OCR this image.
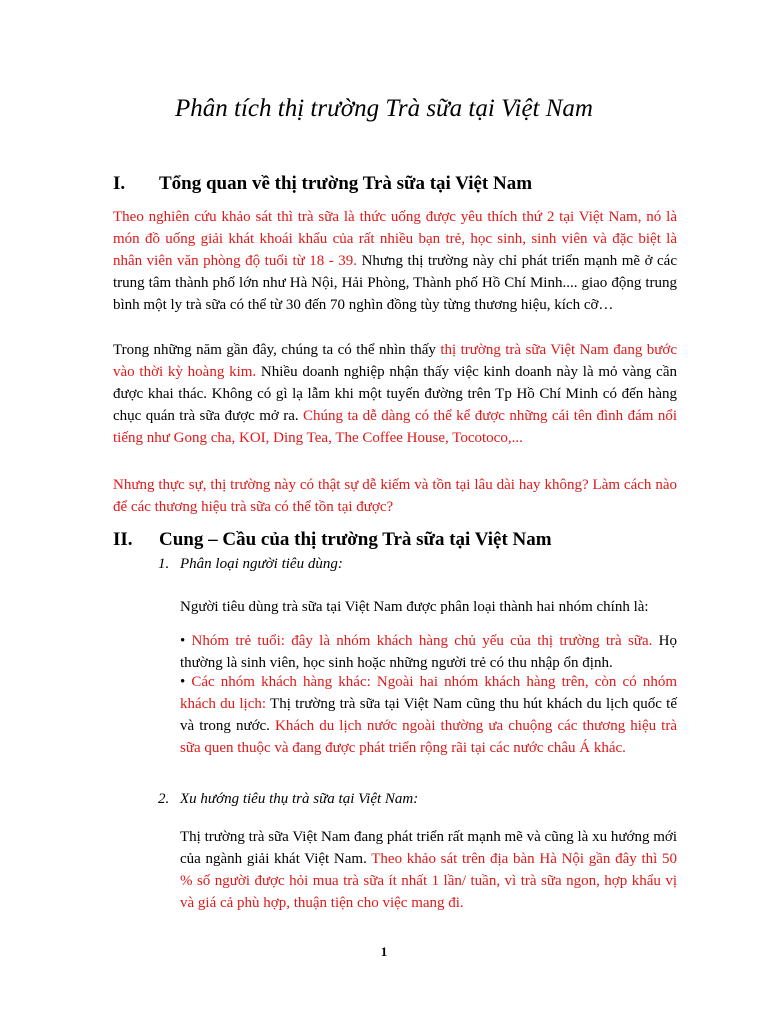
Phân tích thị trường Trà sữa tại Việt Nam
I. Tổng quan về thị trường Trà sữa tại Việt Nam

Theo nghiên cứu khảo sát thì trà sữa là thức uống được yêu thích thứ 2 tại Việt Nam, nó là món đồ uống giải khát khoái khẩu của rất nhiều bạn trẻ, học sinh, sinh viên và đặc biệt là nhân viên văn phòng độ tuổi từ 18 - 39. Nhưng thị trường này chỉ phát triển mạnh mẽ ở các trung tâm thành phố lớn như Hà Nội, Hải Phòng, Thành phố Hồ Chí Minh.... giao động trung bình một ly trà sữa có thể từ 30 đến 70 nghìn đồng tùy từng thương hiệu, kích cỡ…

Trong những năm gần đây, chúng ta có thể nhìn thấy thị trường trà sữa Việt Nam đang bước vào thời kỳ hoàng kim. Nhiều doanh nghiệp nhận thấy việc kinh doanh này là mỏ vàng cần được khai thác. Không có gì lạ lẫm khi một tuyến đường trên Tp Hồ Chí Minh có đến hàng chục quán trà sữa được mở ra. Chúng ta dễ dàng có thể kể được những cái tên đình đám nổi tiếng như Gong cha, KOI, Ding Tea, The Coffee House, Tocotoco,...

Nhưng thực sự, thị trường này có thật sự dễ kiếm và tồn tại lâu dài hay không? Làm cách nào để các thương hiệu trà sữa có thể tồn tại được?

II. Cung – Cầu của thị trường Trà sữa tại Việt Nam
1. Phân loại người tiêu dùng:

Người tiêu dùng trà sữa tại Việt Nam được phân loại thành hai nhóm chính là:

• Nhóm trẻ tuổi: đây là nhóm khách hàng chủ yếu của thị trường trà sữa. Họ thường là sinh viên, học sinh hoặc những người trẻ có thu nhập ổn định.

• Các nhóm khách hàng khác: Ngoài hai nhóm khách hàng trên, còn có nhóm khách du lịch: Thị trường trà sữa tại Việt Nam cũng thu hút khách du lịch quốc tế và trong nước. Khách du lịch nước ngoài thường ưa chuộng các thương hiệu trà sữa quen thuộc và đang được phát triển rộng rãi tại các nước châu Á khác.

2. Xu hướng tiêu thụ trà sữa tại Việt Nam:

Thị trường trà sữa Việt Nam đang phát triển rất mạnh mẽ và cũng là xu hướng mới của ngành giải khát Việt Nam. Theo khảo sát trên địa bàn Hà Nội gần đây thì 50 % số người được hỏi mua trà sữa ít nhất 1 lần/ tuần, vì trà sữa ngon, hợp khẩu vị và giá cả phù hợp, thuận tiện cho việc mang đi.

1
